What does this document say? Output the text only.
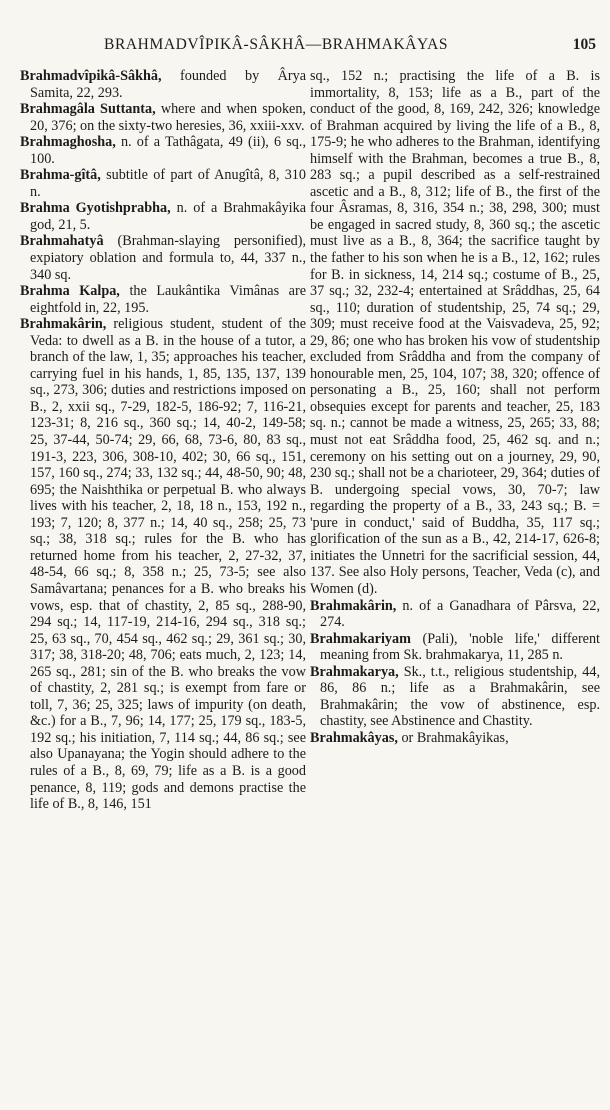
BRAHMADVÎPIKÂ-SÂKHÂ—BRAHMAKÂYAS	105

Brahmadvîpikâ-Sâkhâ, founded by Ârya Samita, 22, 293.

Brahmagâla Suttanta, where and when spoken, 20, 376; on the sixty-two heresies, 36, xxiii-xxv.

Brahmaghosha, n. of a Tathâgata, 49 (ii), 6 sq., 100.

Brahma-gîtâ, subtitle of part of Anugîtâ, 8, 310 n.

Brahma Gyotishprabha, n. of a Brahmakâyika god, 21, 5.

Brahmahatyâ (Brahman-slaying personified), expiatory oblation and formula to, 44, 337 n., 340 sq.

Brahma Kalpa, the Laukântika Vimânas are eightfold in, 22, 195.

Brahmakârin, religious student, student of the Veda: to dwell as a B. in the house of a tutor, a branch of the law, 1, 35; approaches his teacher, carrying fuel in his hands, 1, 85, 135, 137, 139 sq., 273, 306; duties and restrictions imposed on B., 2, xxii sq., 7-29, 182-5, 186-92; 7, 116-21, 123-31; 8, 216 sq., 360 sq.; 14, 40-2, 149-58; 25, 37-44, 50-74; 29, 66, 68, 73-6, 80, 83 sq., 191-3, 223, 306, 308-10, 402; 30, 66 sq., 151, 157, 160 sq., 274; 33, 132 sq.; 44, 48-50, 90; 48, 695; the Naishthika or perpetual B. who always lives with his teacher, 2, 18, 18 n., 153, 192 n., 193; 7, 120; 8, 377 n.; 14, 40 sq., 258; 25, 73 sq.; 38, 318 sq.; rules for the B. who has returned home from his teacher, 2, 27-32, 37, 48-54, 66 sq.; 8, 358 n.; 25, 73-5; see also Samâvartana; penances for a B. who breaks his vows, esp. that of chastity, 2, 85 sq., 288-90, 294 sq.; 14, 117-19, 214-16, 294 sq., 318 sq.; 25, 63 sq., 70, 454 sq., 462 sq.; 29, 361 sq.; 30, 317; 38, 318-20; 48, 706; eats much, 2, 123; 14, 265 sq., 281; sin of the B. who breaks the vow of chastity, 2, 281 sq.; is exempt from fare or toll, 7, 36; 25, 325; laws of impurity (on death, &c.) for a B., 7, 96; 14, 177; 25, 179 sq., 183-5, 192 sq.; his initiation, 7, 114 sq.; 44, 86 sq.; see also Upanayana; the Yogin should adhere to the rules of a B., 8, 69, 79; life as a B. is a good penance, 8, 119; gods and demons practise the life of B., 8, 146, 151

sq., 152 n.; practising the life of a B. is immortality, 8, 153; life as a B., part of the conduct of the good, 8, 169, 242, 326; knowledge of Brahman acquired by living the life of a B., 8, 175-9; he who adheres to the Brahman, identifying himself with the Brahman, becomes a true B., 8, 283 sq.; a pupil described as a self-restrained ascetic and a B., 8, 312; life of B., the first of the four Âsramas, 8, 316, 354 n.; 38, 298, 300; must be engaged in sacred study, 8, 360 sq.; the ascetic must live as a B., 8, 364; the sacrifice taught by the father to his son when he is a B., 12, 162; rules for B. in sickness, 14, 214 sq.; costume of B., 25, 37 sq.; 32, 232-4; entertained at Srâddhas, 25, 64 sq., 110; duration of studentship, 25, 74 sq.; 29, 309; must receive food at the Vaisvadeva, 25, 92; 29, 86; one who has broken his vow of studentship excluded from Srâddha and from the company of honourable men, 25, 104, 107; 38, 320; offence of personating a B., 25, 160; shall not perform obsequies except for parents and teacher, 25, 183 sq. n.; cannot be made a witness, 25, 265; 33, 88; must not eat Srâddha food, 25, 462 sq. and n.; ceremony on his setting out on a journey, 29, 90, 230 sq.; shall not be a charioteer, 29, 364; duties of B. undergoing special vows, 30, 70-7; law regarding the property of a B., 33, 243 sq.; B. = 'pure in conduct,' said of Buddha, 35, 117 sq.; glorification of the sun as a B., 42, 214-17, 626-8; initiates the Unnetri for the sacrificial session, 44, 137. See also Holy persons, Teacher, Veda (c), and Women (d).

Brahmakârin, n. of a Ganadhara of Pârsva, 22, 274.

Brahmakariyam (Pali), 'noble life,' different meaning from Sk. brahmakarya, 11, 285 n.

Brahmakarya, Sk., t.t., religious studentship, 44, 86, 86 n.; life as a Brahmakârin, see Brahmakârin; the vow of abstinence, esp. chastity, see Abstinence and Chastity.

Brahmakâyas, or Brahmakâyikas,
